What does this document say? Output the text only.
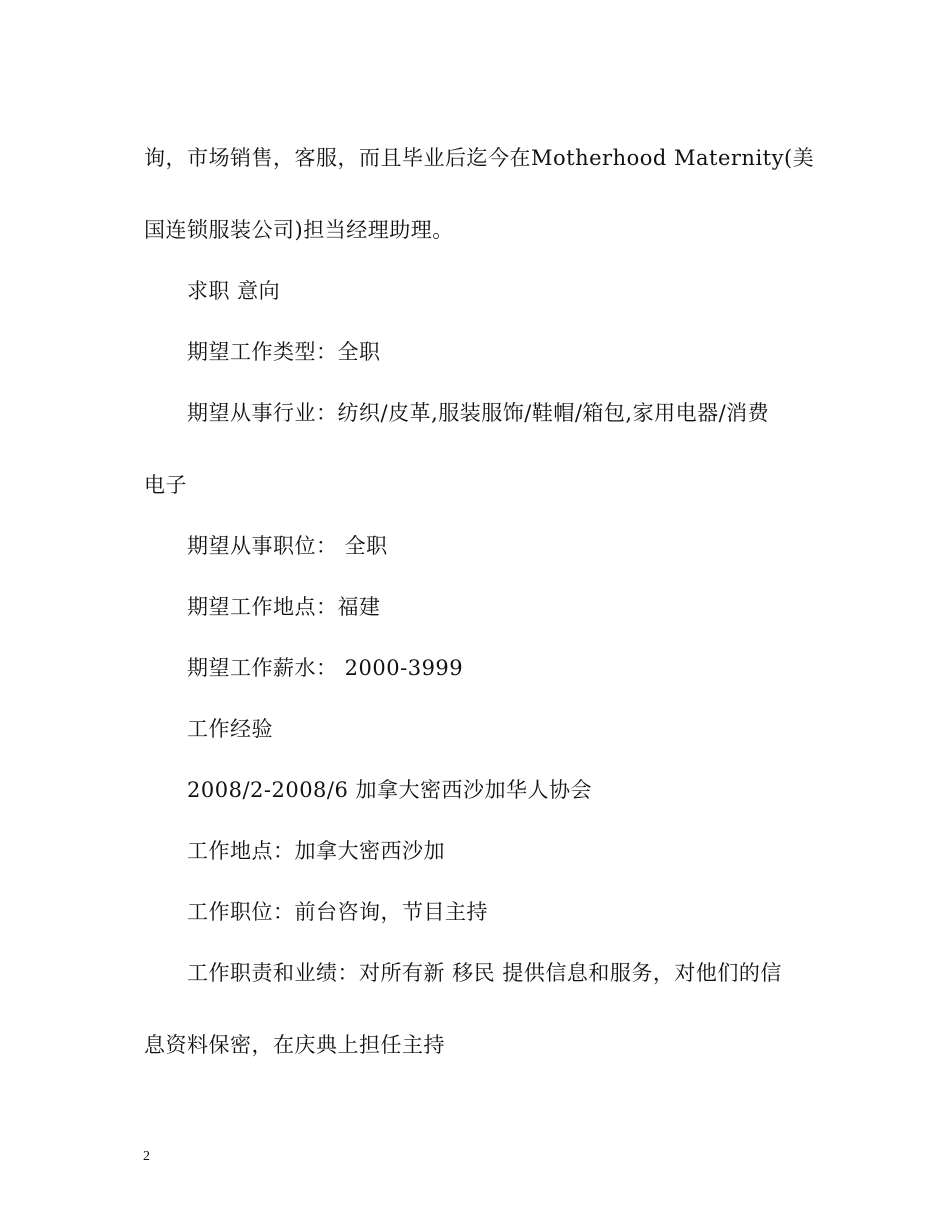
询，市场销售，客服，而且毕业后迄今在Motherhood Maternity(美
国连锁服装公司)担当经理助理。
求职 意向
期望工作类型：全职
期望从事行业：纺织/皮革,服装服饰/鞋帽/箱包,家用电器/消费
电子
期望从事职位： 全职
期望工作地点：福建
期望工作薪水： 2000-3999
工作经验
2008/2-2008/6 加拿大密西沙加华人协会
工作地点：加拿大密西沙加
工作职位：前台咨询，节目主持
工作职责和业绩：对所有新 移民 提供信息和服务，对他们的信
息资料保密，在庆典上担任主持
2
